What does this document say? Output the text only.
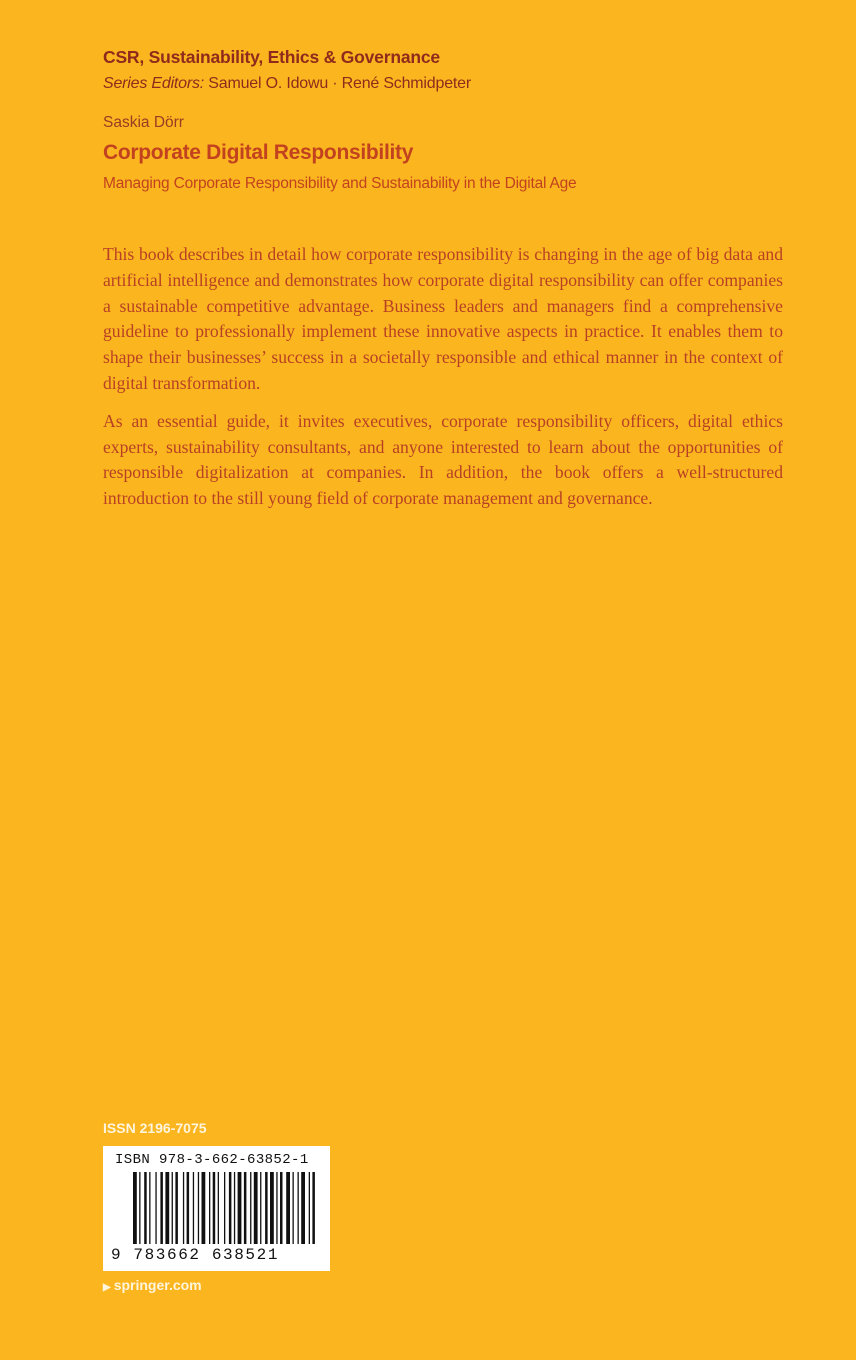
CSR, Sustainability, Ethics & Governance
Series Editors: Samuel O. Idowu · René Schmidpeter
Saskia Dörr
Corporate Digital Responsibility
Managing Corporate Responsibility and Sustainability in the Digital Age

This book describes in detail how corporate responsibility is changing in the age of big data and artificial intelligence and demonstrates how corporate digital responsibility can offer companies a sustainable competitive advantage. Business leaders and managers find a comprehensive guideline to professionally implement these innovative aspects in practice. It enables them to shape their businesses’ success in a societally responsible and ethical manner in the context of digital transformation.

As an essential guide, it invites executives, corporate responsibility officers, digital ethics experts, sustainability consultants, and anyone interested to learn about the opportunities of responsible digitalization at companies. In addition, the book offers a well-structured introduction to the still young field of corporate management and governance.

ISSN 2196-7075
ISBN 978-3-662-63852-1
9 783662 638521
▶ springer.com
